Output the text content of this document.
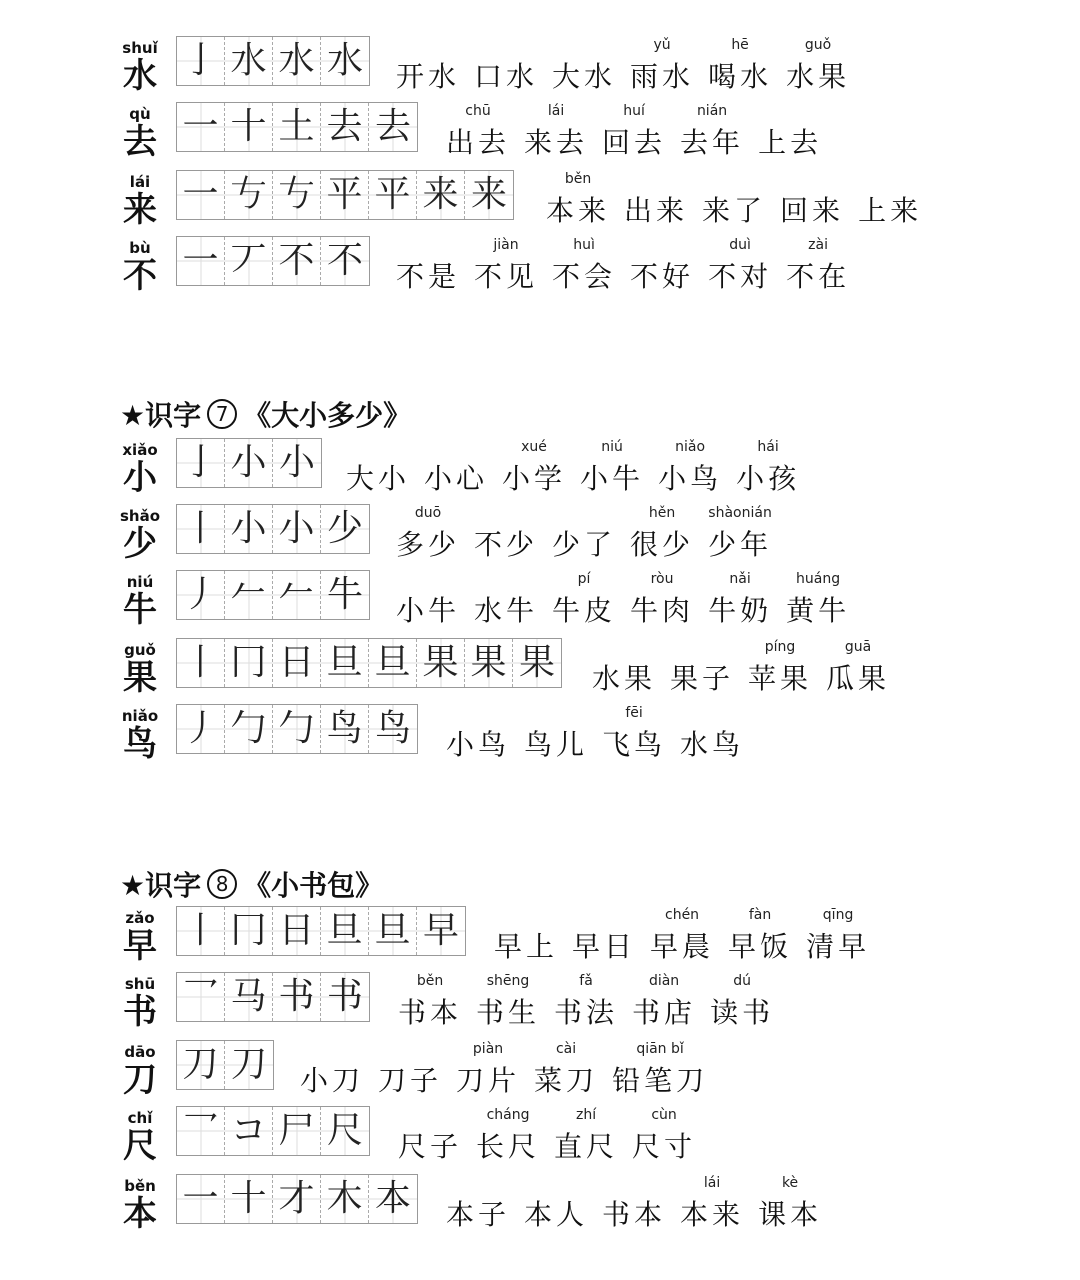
★识字 7 《大小多少》
★识字 8 《小书包》
shuǐ
水 亅 水 水 水 开水 口水 大水 雨水
yǔ
喝水
hē
水果
guǒ
qù
去 一 十 土 去 去 出去
chū
来去
lái
回去
huí
去年
nián
上去
lái
来 一 𠀁 𠀁 平 平 来 来 本来
běn
出来 来了 回来 上来
bù
不 一 丆 不 不 不是 不见
jiàn
不会
huì
不好 不对
duì
不在
zài
xiǎo
小 亅 小 小 大小 小心 小学
xué
小牛
niú
小鸟
niǎo
小孩
hái
shǎo
少 丨 小 小 少 多少
duō
不少 少了 很少
hěn
少年
shàonián
niú
牛 丿 𠂉 𠂉 牛 小牛 水牛 牛皮
pí
牛肉
ròu
牛奶
nǎi
黄牛
huáng
guǒ
果 丨 冂 日 旦 旦 果 果 果 水果 果子 苹果
píng
瓜果
guā
niǎo
鸟 丿 勹 勹 鸟 鸟 小鸟 鸟儿 飞鸟
fēi
水鸟
zǎo
早 丨 冂 日 旦 旦 早 早上 早日 早晨
chén
早饭
fàn
清早
qīng
shū
书 乛 马 书 书 书本
běn
书生
shēng
书法
fǎ
书店
diàn
读书
dú
dāo
刀 刀 刀 小刀 刀子 刀片
piàn
菜刀
cài
铅笔刀
qiān bǐ
chǐ
尺 乛 コ 尸 尺 尺子 长尺
cháng
直尺
zhí
尺寸
cùn
běn
本 一 十 才 木 本 本子 本人 书本 本来
lái
课本
kè
